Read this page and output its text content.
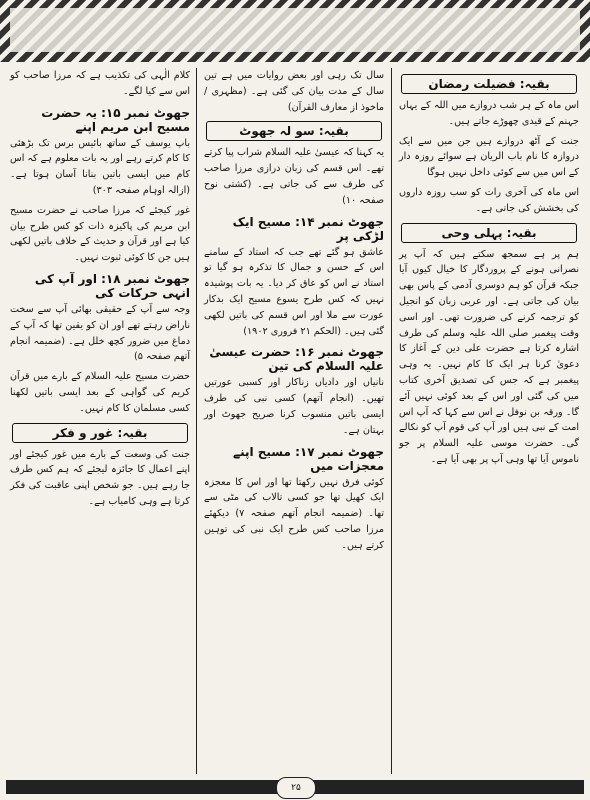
بقیہ: فضیلت رمضان

اس ماہ کے ہر شب دروازے میں اللہ کے یہاں جہنم کے قیدی چھوڑے جاتے ہیں۔

جنت کے آٹھ دروازے ہیں جن میں سے ایک دروازہ کا نام باب الریان ہے سوائے روزہ دار کے اس میں سے کوئی داخل نہیں ہوگا

اس ماہ کی آخری رات کو سب روزہ داروں کی بخشش کی جاتی ہے۔

بقیہ: پہلی وحی

ہم پر ہے سمجھ سکتے ہیں کہ آپ پر نصرانی ہونے کے پروردگار کا خیال کیوں آیا جبکہ قرآن کو ہم دوسری آدمی کے پاس بھی بیان کی جاتی ہے۔ اور عربی زبان کو انجیل کو ترجمہ کرنے کی ضرورت تھی۔ اور اسی وقت پیغمبر صلی اللہ علیہ وسلم کی طرف اشارہ کرتا ہے حضرت علی دین کے آغاز کا دعویٰ کرنا ہر ایک کا کام نہیں۔ یہ وہی پیغمبر ہے کہ جس کی تصدیق آخری کتاب میں کی گئی اور اس کے بعد کوئی نہیں آئے گا۔ ورقہ بن نوفل نے اس سے کہا کہ آپ اس امت کے نبی ہیں اور آپ کی قوم آپ کو نکالے گی۔ حضرت موسی علیہ السلام پر جو ناموس آیا تھا وہی آپ پر بھی آیا ہے۔

سال تک رہی اور بعض روایات میں ہے تین سال کے مدت بیان کی گئی ہے۔ (مظہری / ماخوذ از معارف القرآن)

بقیہ: سو لہ جھوٹ

یہ کہنا کہ عیسیٰ علیہ السلام شراب پیا کرتے تھے۔ اس قسم کی زبان درازی مرزا صاحب کی طرف سے کی جاتی ہے۔ (کشتی نوح صفحہ ۱۰)

جھوٹ نمبر ۱۴: مسیح ایک لڑکی پر

عاشق ہو گئے تھے جب کہ استاد کے سامنے اس کے حسن و جمال کا تذکرہ ہو گیا تو استاد نے اس کو عاق کر دیا۔ یہ بات پوشیدہ نہیں کہ کس طرح یسوع مسیح ایک بدکار عورت سے ملا اور اس قسم کی باتیں لکھی گئی ہیں۔ (الحکم ۲۱ فروری ۱۹۰۲)

جھوٹ نمبر ۱۶: حضرت عیسیٰ علیہ السلام کی تین

نانیاں اور دادیاں زناکار اور کسبی عورتیں تھیں۔ (انجام آتھم) کسی نبی کی طرف ایسی باتیں منسوب کرنا صریح جھوٹ اور بہتان ہے۔

جھوٹ نمبر ۱۷: مسیح اپنے معجزات میں

کوئی فرق نہیں رکھتا تھا اور اس کا معجزہ ایک کھیل تھا جو کسی تالاب کی مٹی سے تھا۔ (ضمیمہ انجام آتھم صفحہ ۷) دیکھئے مرزا صاحب کس طرح ایک نبی کی توہین کرتے ہیں۔

کلام الٰہی کی تکذیب ہے کہ مرزا صاحب کو اس سے کیا لگے۔

جھوٹ نمبر ۱۵: یہ حضرت مسیح ابن مریم اپنے

باپ یوسف کے ساتھ بائیس برس تک بڑھئی کا کام کرتے رہے اور یہ بات معلوم ہے کہ اس کام میں ایسی باتیں بنانا آسان ہوتا ہے۔ (ازالہ اوہام صفحہ ۳۰۳)

غور کیجئے کہ مرزا صاحب نے حضرت مسیح ابن مریم کی پاکیزہ ذات کو کس طرح بیان کیا ہے اور قرآن و حدیث کے خلاف باتیں لکھی ہیں جن کا کوئی ثبوت نہیں۔

جھوٹ نمبر ۱۸: اور آپ کی انہی حرکات کی

وجہ سے آپ کے حقیقی بھائی آپ سے سخت ناراض رہتے تھے اور ان کو یقین تھا کہ آپ کے دماغ میں ضرور کچھ خلل ہے۔ (ضمیمہ انجام آتھم صفحہ ۵)

حضرت مسیح علیہ السلام کے بارے میں قرآن کریم کی گواہی کے بعد ایسی باتیں لکھنا کسی مسلمان کا کام نہیں۔

بقیہ: غور و فکر

جنت کی وسعت کے بارے میں غور کیجئے اور اپنے اعمال کا جائزہ لیجئے کہ ہم کس طرف جا رہے ہیں۔ جو شخص اپنی عاقبت کی فکر کرتا ہے وہی کامیاب ہے۔

۲۵
